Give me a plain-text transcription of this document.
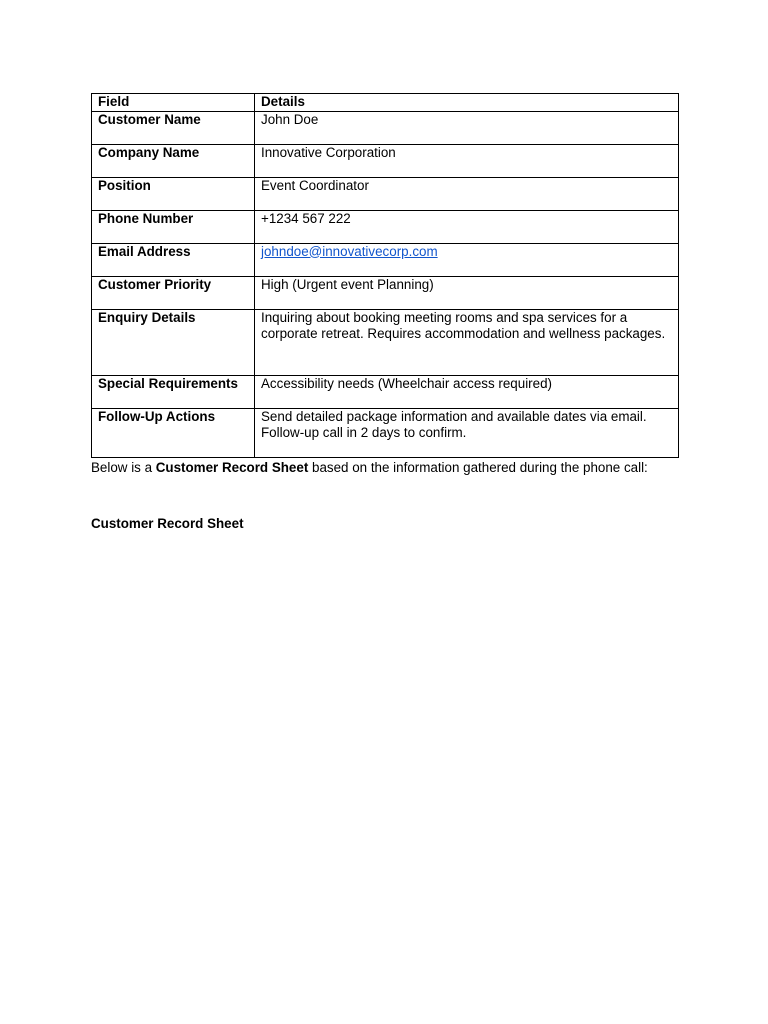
Field	Details
Customer Name	John Doe
Company Name	Innovative Corporation
Position	Event Coordinator
Phone Number	+1234 567 222
Email Address	johndoe@innovativecorp.com
Customer Priority	High (Urgent event Planning)
Enquiry Details	Inquiring about booking meeting rooms and spa services for a corporate retreat. Requires accommodation and wellness packages.
Special Requirements	Accessibility needs (Wheelchair access required)
Follow-Up Actions	Send detailed package information and available dates via email. Follow-up call in 2 days to confirm.
Below is a Customer Record Sheet based on the information gathered during the phone call:
Customer Record Sheet
